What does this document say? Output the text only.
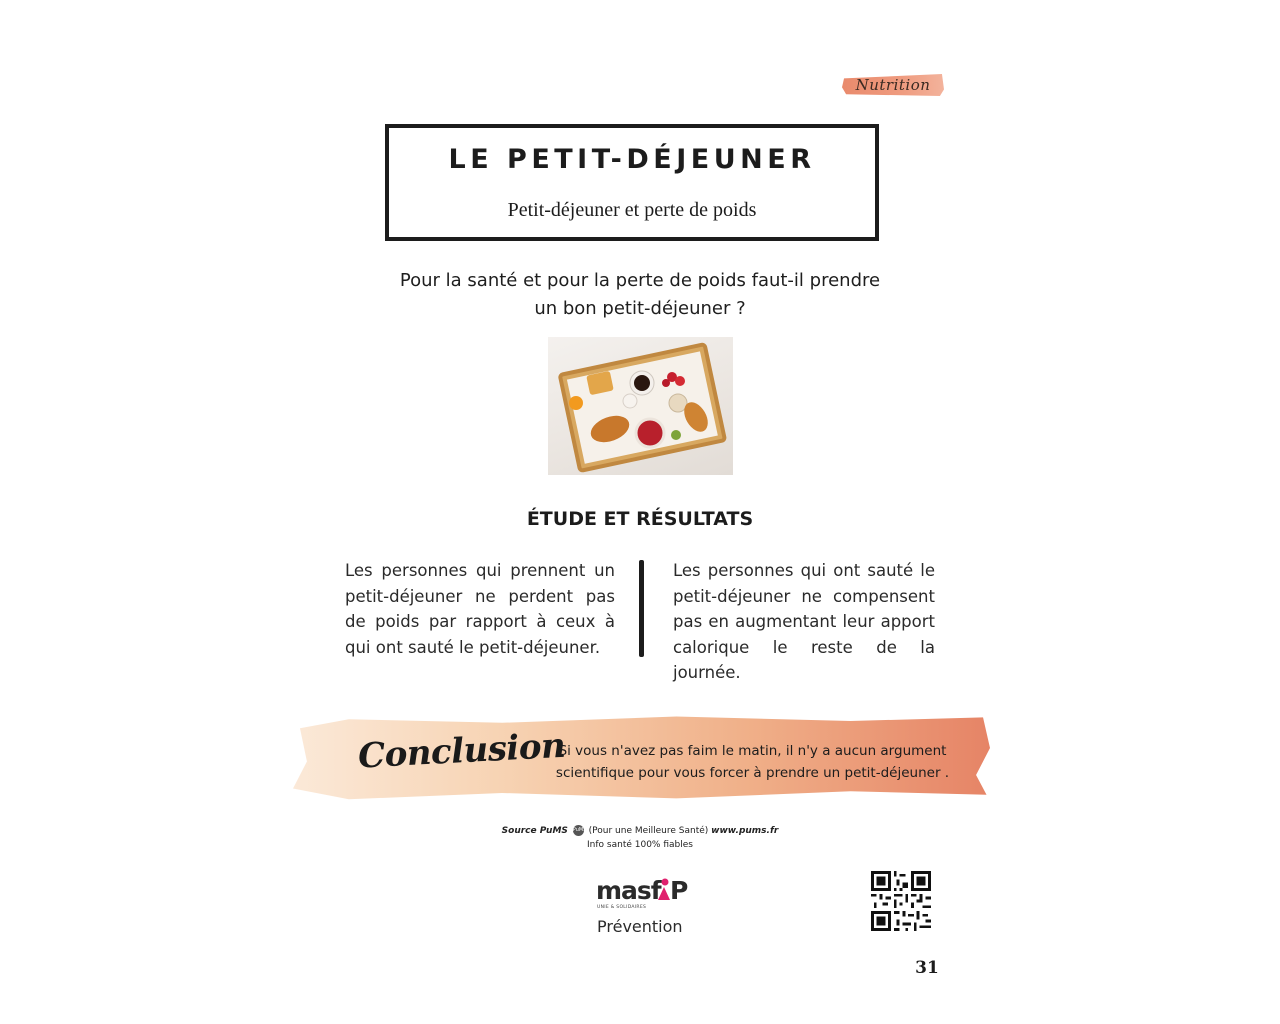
Nutrition
LE PETIT-DÉJEUNER
Petit-déjeuner et perte de poids
Pour la santé et pour la perte de poids faut-il prendre
un bon petit-déjeuner ?
ÉTUDE ET RÉSULTATS
Les personnes qui prennent un petit-déjeuner ne perdent pas de poids par rapport à ceux à qui ont sauté le petit-déjeuner.
Les personnes qui ont sauté le petit-déjeuner ne compensent pas en augmentant leur apport calorique le reste de la journée.
Conclusion
Si vous n'avez pas faim le matin, il n'y a aucun argument
scientifique pour vous forcer à prendre un petit-déjeuner .
Source PuMS PuMS (Pour une Meilleure Santé) www.pums.fr
Info santé 100% fiables
masf P
UNIE & SOLIDAIRES
Prévention
31
